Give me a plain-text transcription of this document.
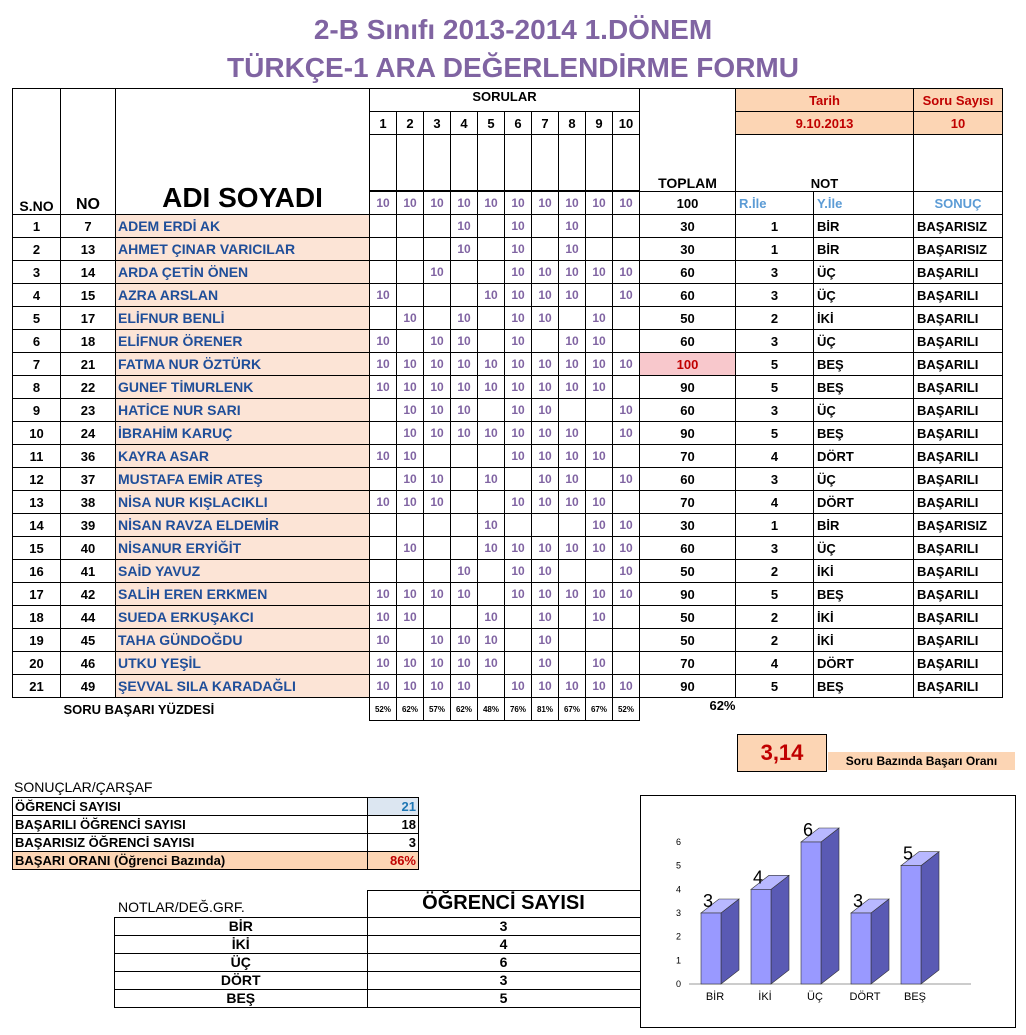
2-B Sınıfı 2013-2014 1.DÖNEM
TÜRKÇE-1 ARA DEĞERLENDİRME FORMU
S.NO	NO	ADI SOYADI	SORULAR										TOPLAM	Tarih		Soru Sayısı
			1	2	3	4	5	6	7	8	9	10		9.10.2013		10
														NOT		

			10	10	10	10	10	10	10	10	10	10	100	R.İle	Y.İle	SONUÇ
1	7	ADEM ERDİ AK				10		10		10			30	1	BİR	BAŞARISIZ
2	13	AHMET ÇINAR VARICILAR				10		10		10			30	1	BİR	BAŞARISIZ
3	14	ARDA ÇETİN ÖNEN			10			10	10	10	10	10	60	3	ÜÇ	BAŞARILI
4	15	AZRA ARSLAN	10				10	10	10	10		10	60	3	ÜÇ	BAŞARILI
5	17	ELİFNUR BENLİ		10		10		10	10		10		50	2	İKİ	BAŞARILI
6	18	ELİFNUR ÖRENER	10		10	10		10		10	10		60	3	ÜÇ	BAŞARILI
7	21	FATMA NUR ÖZTÜRK	10	10	10	10	10	10	10	10	10	10	100	5	BEŞ	BAŞARILI
8	22	GUNEF TİMURLENK	10	10	10	10	10	10	10	10	10		90	5	BEŞ	BAŞARILI
9	23	HATİCE NUR SARI		10	10	10		10	10			10	60	3	ÜÇ	BAŞARILI
10	24	İBRAHİM KARUÇ		10	10	10	10	10	10	10		10	90	5	BEŞ	BAŞARILI
11	36	KAYRA ASAR	10	10				10	10	10	10		70	4	DÖRT	BAŞARILI
12	37	MUSTAFA EMİR ATEŞ		10	10		10		10	10		10	60	3	ÜÇ	BAŞARILI
13	38	NİSA NUR KIŞLACIKLI	10	10	10			10	10	10	10		70	4	DÖRT	BAŞARILI
14	39	NİSAN RAVZA ELDEMİR					10				10	10	30	1	BİR	BAŞARISIZ
15	40	NİSANUR ERYİĞİT		10			10	10	10	10	10	10	60	3	ÜÇ	BAŞARILI
16	41	SAİD YAVUZ				10		10	10			10	50	2	İKİ	BAŞARILI
17	42	SALİH EREN ERKMEN	10	10	10	10		10	10	10	10	10	90	5	BEŞ	BAŞARILI
18	44	SUEDA ERKUŞAKCI	10	10			10		10		10		50	2	İKİ	BAŞARILI
19	45	TAHA GÜNDOĞDU	10		10	10	10		10				50	2	İKİ	BAŞARILI
20	46	UTKU YEŞİL	10	10	10	10	10		10		10		70	4	DÖRT	BAŞARILI
21	49	ŞEVVAL SILA KARADAĞLI	10	10	10	10		10	10	10	10	10	90	5	BEŞ	BAŞARILI
	SORU BAŞARI YÜZDESİ		52%	62%	57%	62%	48%	76%	81%	67%	67%	52%	62%			
3,14	Soru Bazında Başarı Oranı
SONUÇLAR/ÇARŞAF
ÖĞRENCİ SAYISI	21
BAŞARILI ÖĞRENCİ SAYISI	18
BAŞARISIZ ÖĞRENCİ SAYISI	3
BAŞARI ORANI (Öğrenci Bazında)	86%
	ÖĞRENCİ SAYISI
BİR	3
İKİ	4
ÜÇ	6
DÖRT	3
BEŞ	5
NOTLAR/DEĞ.GRF.
0
1
2
3
4
5
6
3
BİR
4
İKİ
6
ÜÇ
3
DÖRT
5
BEŞ
